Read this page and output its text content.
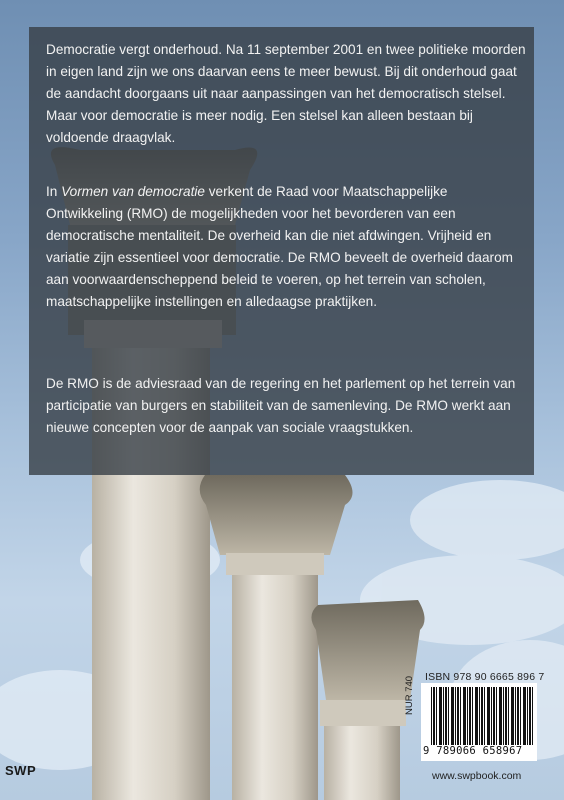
Democratie vergt onderhoud. Na 11 september 2001 en twee politieke moorden in eigen land zijn we ons daarvan eens te meer bewust. Bij dit onderhoud gaat de aandacht doorgaans uit naar aanpassingen van het democratisch stelsel. Maar voor democratie is meer nodig. Een stelsel kan alleen bestaan bij voldoende draagvlak.

In Vormen van democratie verkent de Raad voor Maatschappelijke Ontwikkeling (RMO) de mogelijkheden voor het bevorderen van een democratische mentaliteit. De overheid kan die niet afdwingen. Vrijheid en variatie zijn essentieel voor democratie. De RMO beveelt de overheid daarom aan voorwaardenscheppend beleid te voeren, op het terrein van scholen, maatschappelijke instellingen en alledaagse praktijken.

De RMO is de adviesraad van de regering en het parlement op het terrein van participatie van burgers en stabiliteit van de samenleving. De RMO werkt aan nieuwe concepten voor de aanpak van sociale vraagstukken.

ISBN 978 90 6665 896 7
NUR 740
9 789066 658967
www.swpbook.com
SWP
